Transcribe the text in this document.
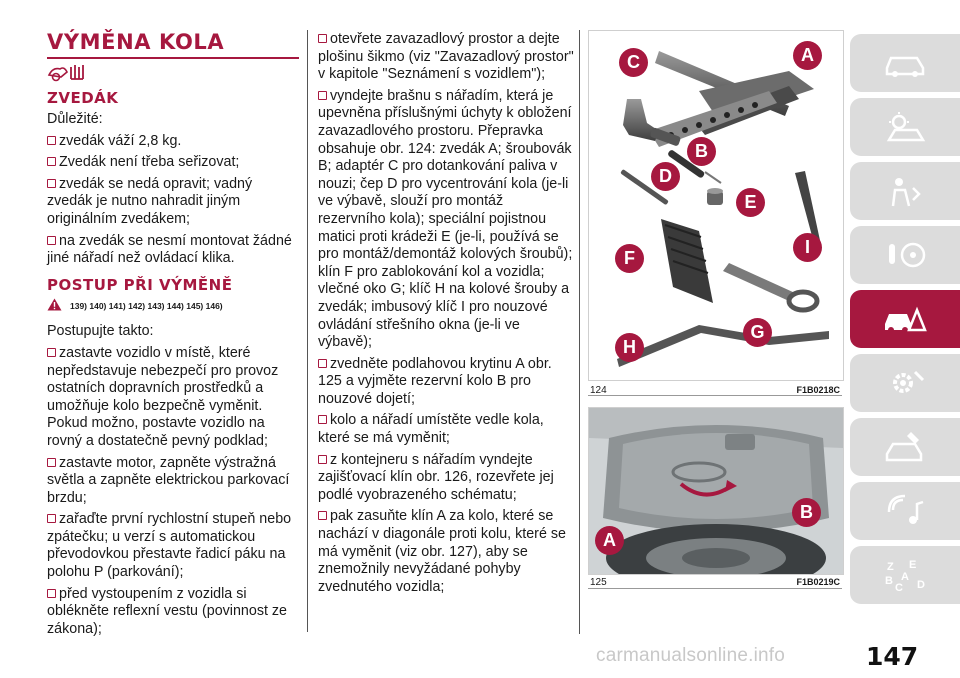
VÝMĚNA KOLA
ZVEDÁK

Důležité:

zvedák váží 2,8 kg.

Zvedák není třeba seřizovat;

zvedák se nedá opravit; vadný zvedák je nutno nahradit jiným originálním zvedákem;

na zvedák se nesmí montovat žádné jiné nářadí než ovládací klika.

POSTUP PŘI VÝMĚNĚ
139) 140) 141) 142) 143) 144) 145) 146)

Postupujte takto:

zastavte vozidlo v místě, které nepředstavuje nebezpečí pro provoz ostatních dopravních prostředků a umožňuje kolo bezpečně vyměnit. Pokud možno, postavte vozidlo na rovný a dostatečně pevný podklad;

zastavte motor, zapněte výstražná světla a zapněte elektrickou parkovací brzdu;

zařaďte první rychlostní stupeň nebo zpátečku; u verzí s automatickou převodovkou přestavte řadicí páku na polohu P (parkování);

před vystoupením z vozidla si oblékněte reflexní vestu (povinnost ze zákona);

otevřete zavazadlový prostor a dejte plošinu šikmo (viz "Zavazadlový prostor" v kapitole "Seznámení s vozidlem");

vyndejte brašnu s nářadím, která je upevněna příslušnými úchyty k obložení zavazadlového prostoru. Přepravka obsahuje obr. 124: zvedák A; šroubovák B; adaptér C pro dotankování paliva v nouzi; čep D pro vycentrování kola (je-li ve výbavě, slouží pro montáž rezervního kola); speciální pojistnou matici proti krádeži E (je-li, používá se pro montáž/demontáž kolových šroubů); klín F pro zablokování kol a vozidla; vlečné oko G; klíč H na kolové šrouby a zvedák; imbusový klíč I pro nouzové ovládání střešního okna (je-li ve výbavě);

zvedněte podlahovou krytinu A obr. 125 a vyjměte rezervní kolo B pro nouzové dojetí;

kolo a nářadí umístěte vedle kola, které se má vyměnit;

z kontejneru s nářadím vyndejte zajišťovací klín obr. 126, rozevřete jej podlé vyobrazeného schématu;

pak zasuňte klín A za kolo, které se nachází v diagonále proti kolu, které se má vyměnit (viz obr. 127), aby se znemožnily nevyžádané pohyby zvednutého vozidla;

A
B
C
D
E
F
G
H
I
124	F1B0218C
A
B
125	F1B0219C
Z E
B A
D
C
carmanualsonline.info	147
